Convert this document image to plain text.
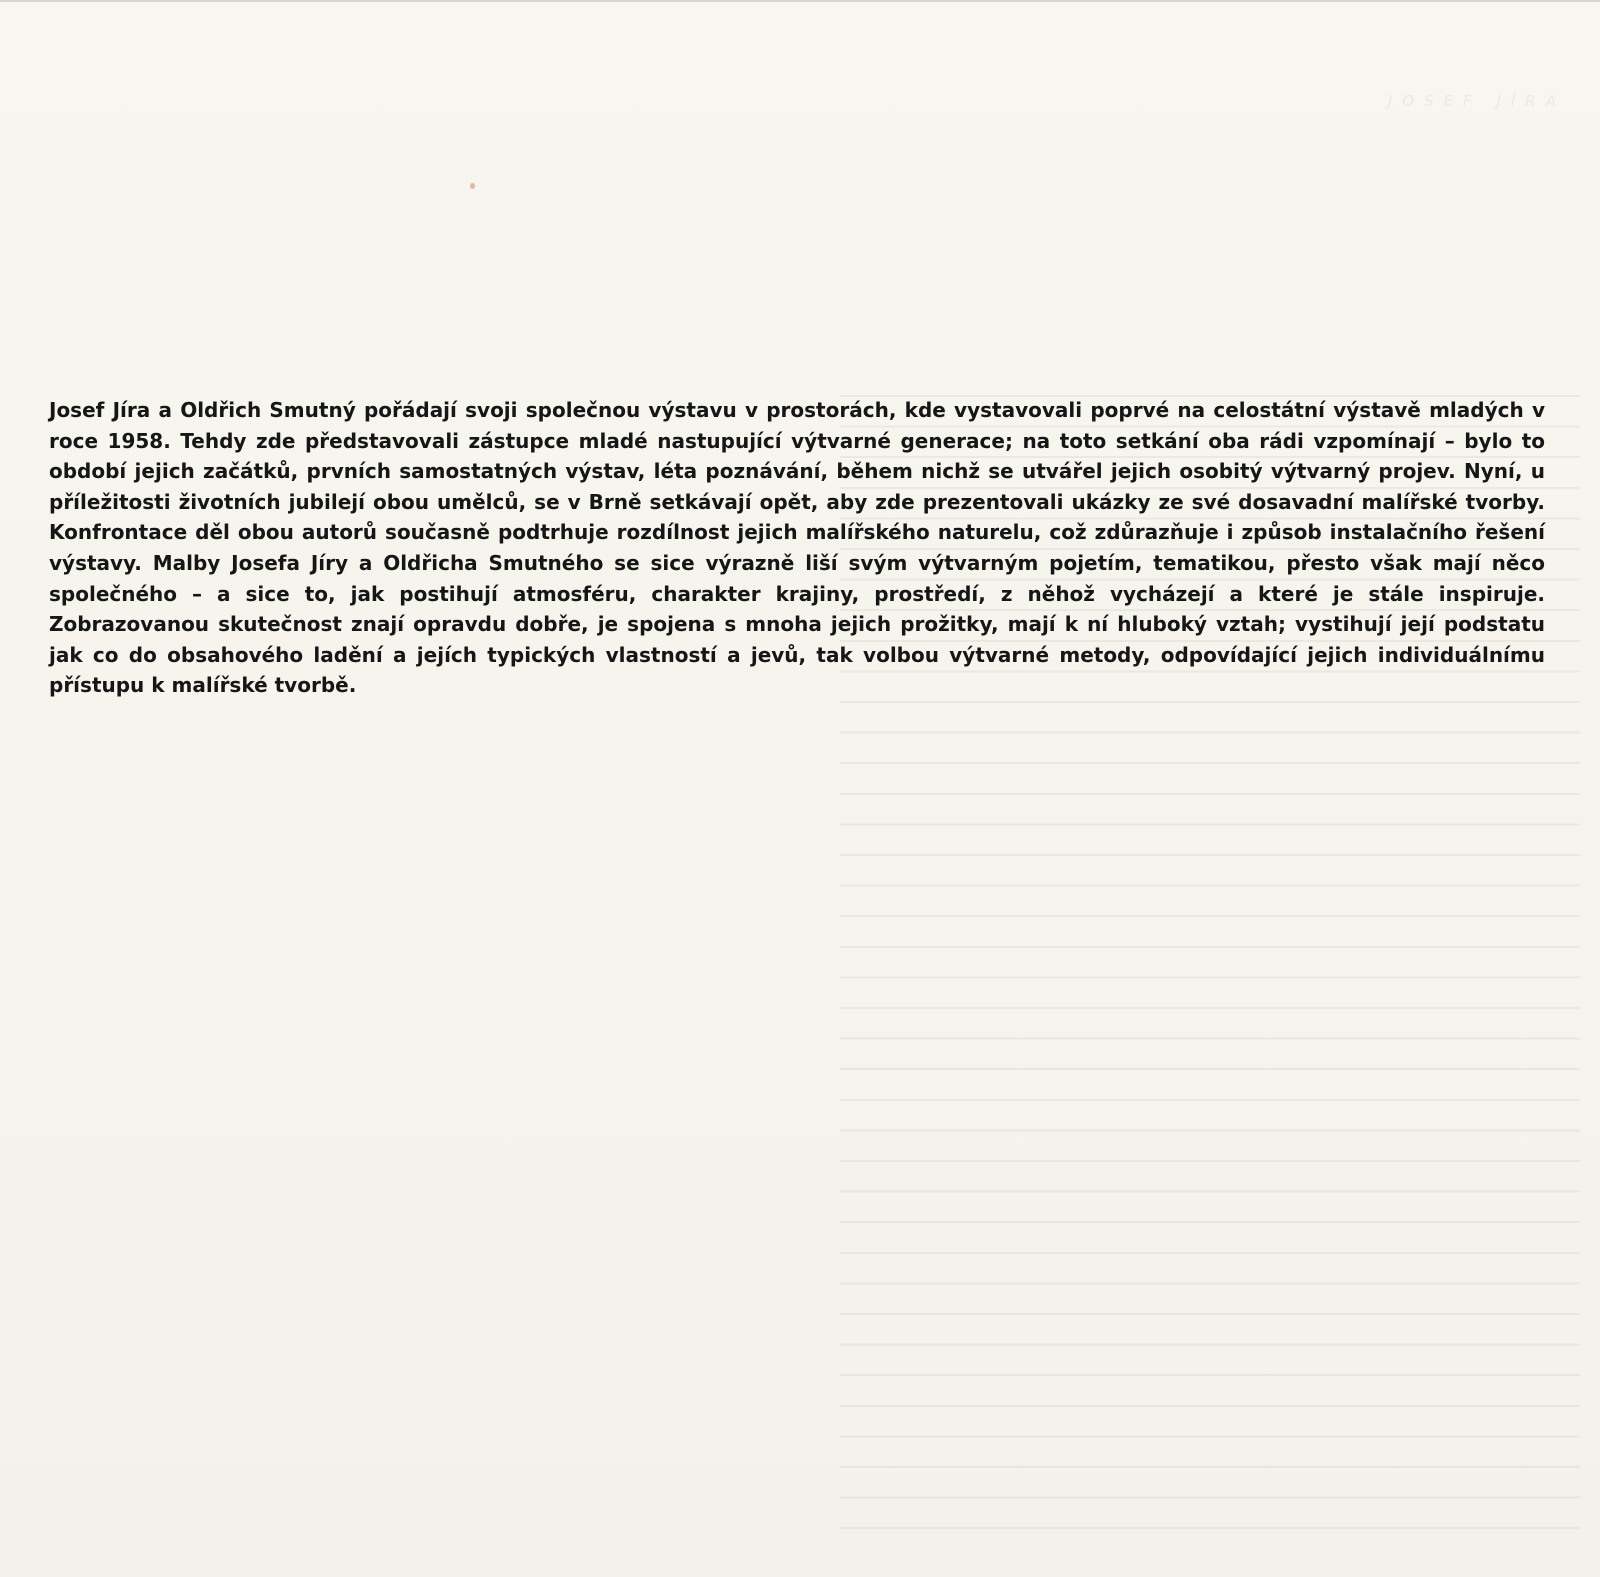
JOSEF JÍRA

Josef Jíra a Oldřich Smutný pořádají svoji společnou výstavu v prostorách, kde vystavovali poprvé na celostátní výstavě mladých v roce 1958. Tehdy zde představovali zástupce mladé nastupující výtvarné generace; na toto setkání oba rádi vzpomínají – bylo to období jejich začátků, prvních samostatných výstav, léta poznávání, během nichž se utvářel jejich osobitý výtvarný projev. Nyní, u příležitosti životních jubilejí obou umělců, se v Brně setkávají opět, aby zde prezentovali ukázky ze své dosavadní malířské tvorby. Konfrontace děl obou autorů současně podtrhuje rozdílnost jejich malířského naturelu, což zdůrazňuje i způsob instalačního řešení výstavy. Malby Josefa Jíry a Oldřicha Smutného se sice výrazně liší svým výtvarným pojetím, tematikou, přesto však mají něco společného – a sice to, jak postihují atmosféru, charakter krajiny, prostředí, z něhož vycházejí a které je stále inspiruje. Zobrazovanou skutečnost znají opravdu dobře, je spojena s mnoha jejich prožitky, mají k ní hluboký vztah; vystihují její podstatu jak co do obsahového ladění a jejích typických vlastností a jevů, tak volbou výtvarné metody, odpovídající jejich individuálnímu přístupu k malířské tvorbě.
